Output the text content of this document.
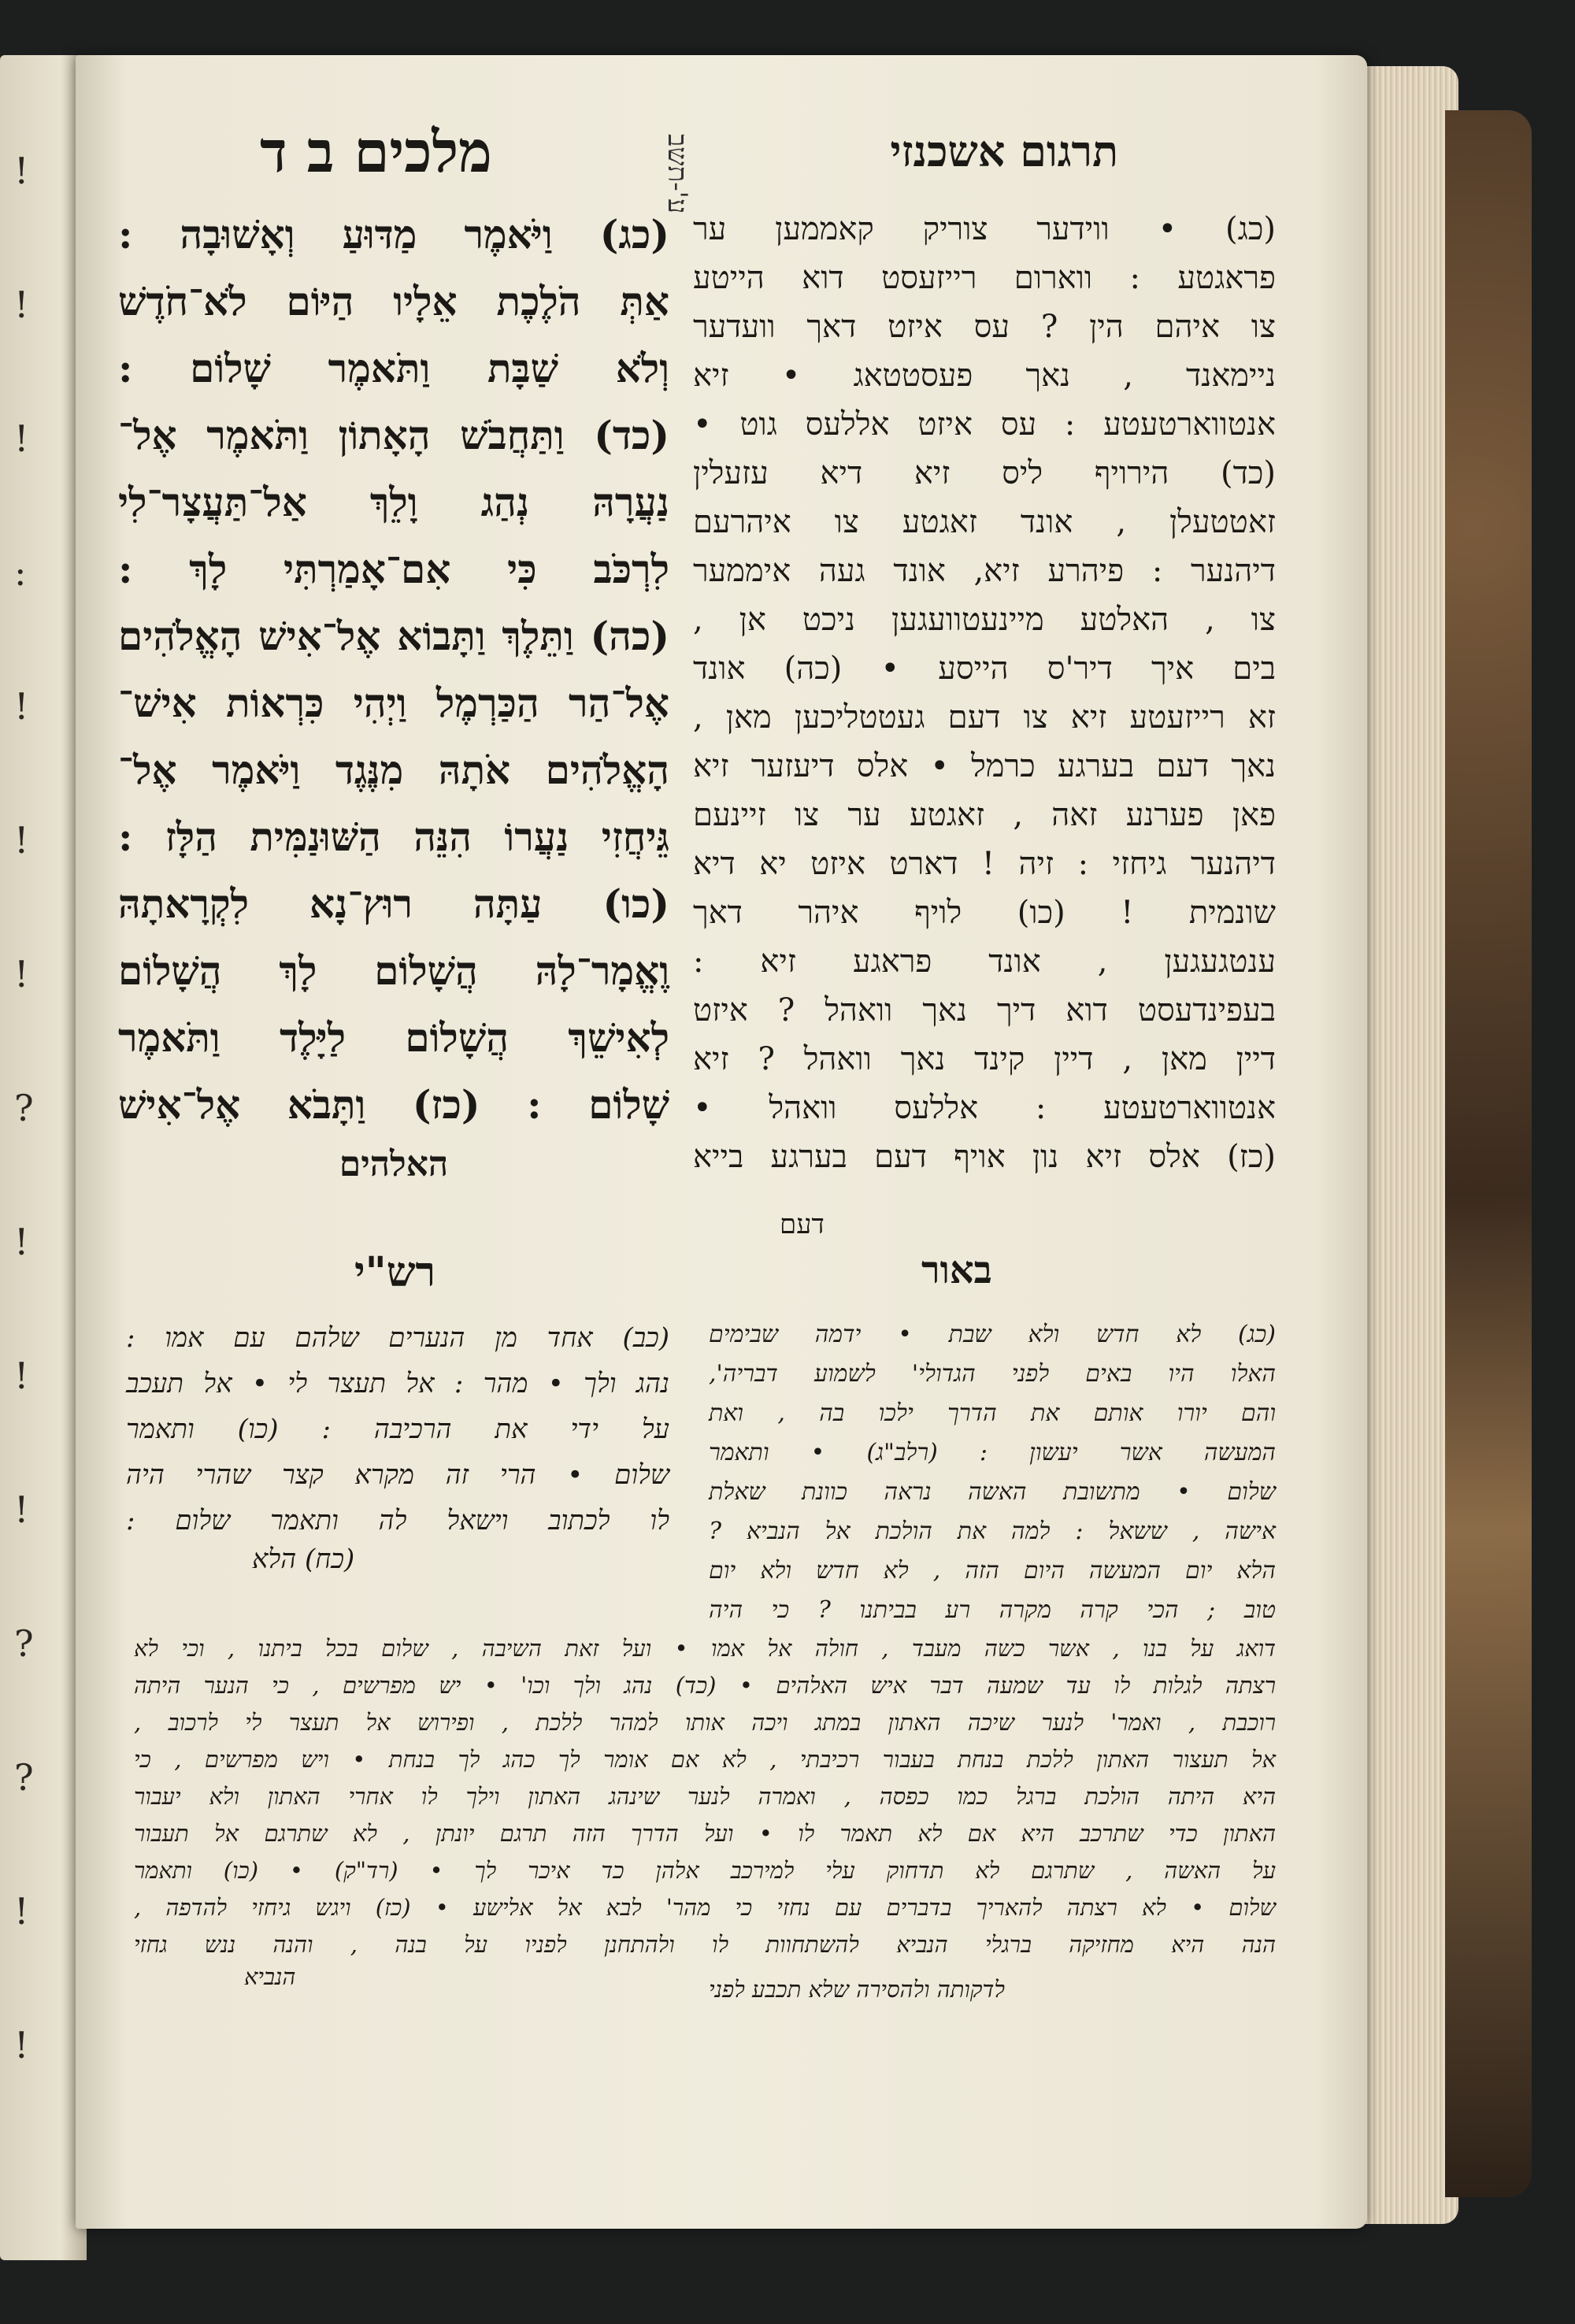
!
!
!
:
!
!
!
?
!
!
!
?
?
!
!
תרגום אשכנזי
מלכים ב ד	ע'-תשב
(כג) • ווידער צוריק קאממען ער
פראגטע : ווארום רייזעסט דוא הייטע
צו איהם הין ? עס איזט דאך וועדער
ניימאנד , נאך פעסטטאג • זיא
אנטווארטעטע : עס איזט אללעס גוט •
(כד) הירויף ליס זיא דיא עזעלין
זאטטעלן , אונד זאגטע צו איהרעם
דיהנער : פיהרע זיא, אונד געה איממער
צו , האלטע מיינעטוועגען ניכט אן ,
בים איך דיר'ס הייסע • (כה) אונד
זא רייזעטע זיא צו דעם געטטליכען מאן ,
נאך דעם בערגע כרמל • אלס דיעזער זיא
פאן פערנע זאה , זאגטע ער צו זיינעם
דיהנער גיחזי : זיה ! דארט איזט יא דיא
שונמית ! (כו) לויף איהר דאך
ענטגעגען , אונד פראגע זיא :
בעפינדעסט דוא דיך נאך וואהל ? איזט
דיין מאן , דיין קינד נאך וואהל ? זיא
אנטווארטעטע : אללעס וואהל •
(כז) אלס זיא נון אויף דעם בערגע בייא
דעם
(כג) וַיֹּאמֶר מַדּוּעַ וְאָשׁוּבָה :
אַתְּ הֹלֶכֶת אֵלָיו הַיּוֹם לֹא־חֹדֶשׁ
וְלֹא שַׁבָּת וַתֹּאמֶר שָׁלוֹם :
(כד) וַתַּחֲבֹשׁ הָאָתוֹן וַתֹּאמֶר אֶל־
נַעֲרָהּ נְהַג וָלֵךְ אַל־תַּעֲצָר־לִי
לִרְכֹּב כִּי אִם־אָמַרְתִּי לָךְ :
(כה) וַתֵּלֶךְ וַתָּבוֹא אֶל־אִישׁ הָאֱלֹהִים
אֶל־הַר הַכַּרְמֶל וַיְהִי כִּרְאוֹת אִישׁ־
הָאֱלֹהִים אֹתָהּ מִנֶּגֶד וַיֹּאמֶר אֶל־
גֵּיחֲזִי נַעֲרוֹ הִנֵּה הַשּׁוּנַמִּית הַלָּז :
(כו) עַתָּה רוּץ־נָא לִקְרָאתָהּ
וֶאֱמָר־לָהּ הֲשָׁלוֹם לָךְ הֲשָׁלוֹם
לְאִישֵׁךְ הֲשָׁלוֹם לַיָּלֶד וַתֹּאמֶר
שָׁלוֹם : (כז) וַתָּבֹא אֶל־אִישׁ
האלהים
רש"י	באור
(כב) אחד מן הנערים שלהם עם אמו :
נהג ולך • מהר : אל תעצר לי • אל תעכב
על ידי את הרכיבה : (כו) ותאמר
שלום • הרי זה מקרא קצר שהרי היה
לו לכתוב וישאל לה ותאמר שלום :
(כח) הלא
(כג) לא חדש ולא שבת • ידמה שבימים
האלו היו באים לפני הגדולי' לשמוע דבריה',
והם יורו אותם את הדרך ילכו בה , ואת
המעשה אשר יעשון : (רלב"ג) • ותאמר
שלום • מתשובת האשה נראה כוונת שאלת
אישה , ששאל : למה את הולכת אל הנביא ?
הלא יום המעשה היום הזה , לא חדש ולא יום
טוב ; הכי קרה מקרה רע בביתנו ? כי היה
דואג על בנו , אשר כשה מעבד , חולה אל אמו • ועל זאת השיבה , שלום בכל ביתנו , וכי לא
רצתה לגלות לו עד שמעה דבר איש האלהים • (כד) נהג ולך וכו' • יש מפרשים , כי הנער היתה
רוכבת , ואמר' לנער שיכה האתון במתג ויכה אותו למהר ללכת , ופירוש אל תעצר לי לרכוב ,
אל תעצור האתון ללכת בנחת בעבור רכיבתי , לא אם אומר לך כהג לך בנחת • ויש מפרשים , כי
היא היתה הולכת ברגל כמו כפסה , ואמרה לנער שינהג האתון וילך לו אחרי האתון ולא יעבור
האתון כדי שתרכב היא אם לא תאמר לו • ועל הדרך הזה תרגם יונתן , לא שתרגם אל תעבור
על האשה , שתרגם לא תדחוק עלי למירכב אלהן כד איכר לך • (רד"ק) • (כו) ותאמר
שלום • לא רצתה להאריך בדברים עם נחזי כי מהר' לבא אל אלישע • (כז) ויגש גיחזי להדפה ,
הנה היא מחזיקה ברגלי הנביא להשתחוות לו ולהתחנן לפניו על בנה , והנה ננש גחזי
הנביא	לדקותה ולהסירה שלא תכבע לפני
